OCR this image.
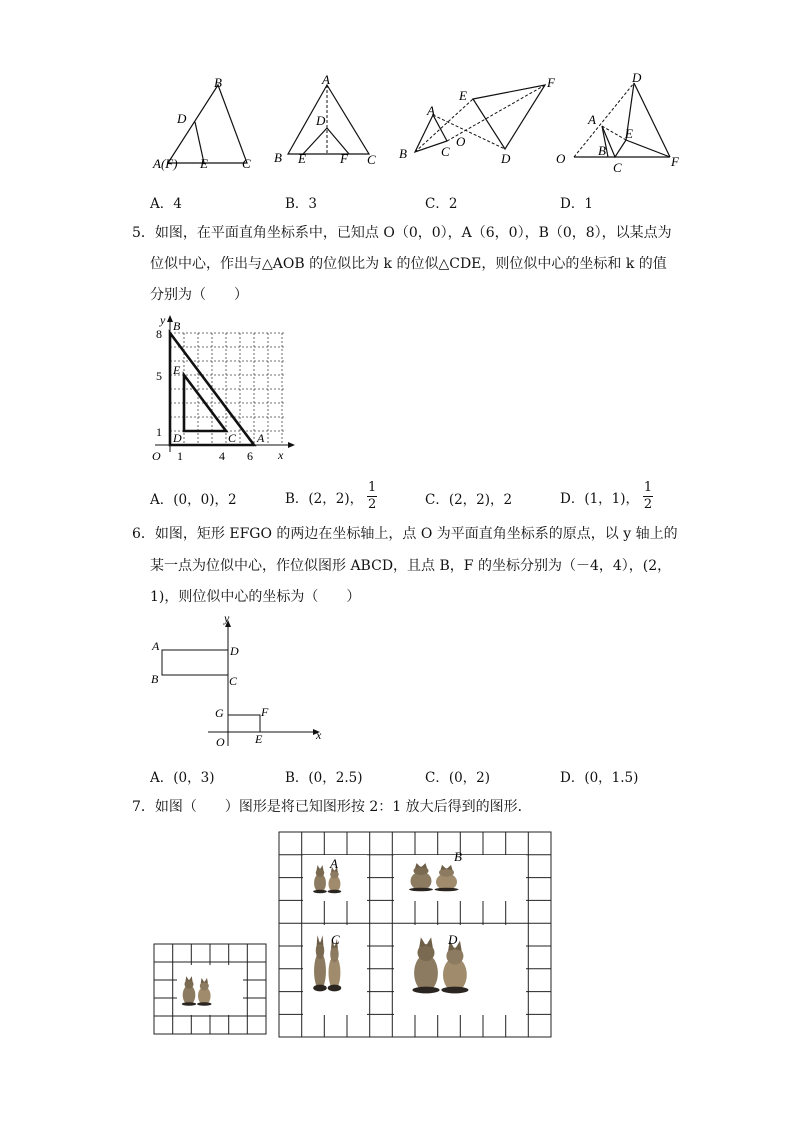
B
D
A(F) E	C
A
D
B E	F C
F
E
A
O
B	C	D
D
A
E
B
O
C	F
A．4	B．3	C．2	D．1
5．如图，在平面直角坐标系中，已知点 O（0，0），A（6，0），B（0，8），以某点为
位似中心，作出与△AOB 的位似比为 k 的位似△CDE，则位似中心的坐标和 k 的值
分别为（　　）
y
x
O
8
5
1
1	4 6
B
E
D	C A
A．(0，0)，2	B．(2，2)， $\frac{1}{2}$	C．(2，2)，2	D．(1，1)， $\frac{1}{2}$
6．如图，矩形 EFGO 的两边在坐标轴上，点 O 为平面直角坐标系的原点，以 y 轴上的
某一点为位似中心，作位似图形 ABCD，且点 B，F 的坐标分别为（－4，4），(2，
1)，则位似中心的坐标为（　　）
y
A	D
B	C
G	F
O	E	x
A．(0，3)	B．(0，2.5)	C．(0，2)	D．(0，1.5)
7．如图（　　）图形是将已知图形按 2：1 放大后得到的图形．
A	B
C	D
